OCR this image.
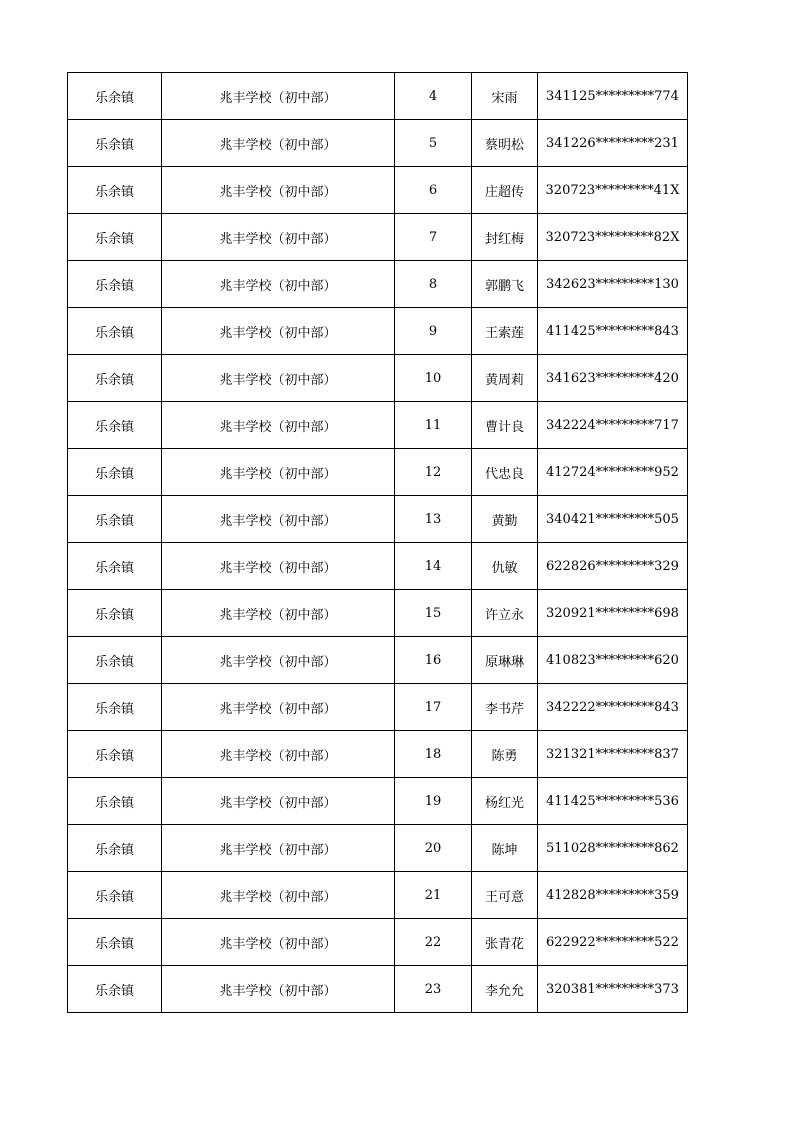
乐余镇	兆丰学校（初中部）	4	宋雨	341125*********774
乐余镇	兆丰学校（初中部）	5	蔡明松	341226*********231
乐余镇	兆丰学校（初中部）	6	庄超传	320723*********41X
乐余镇	兆丰学校（初中部）	7	封红梅	320723*********82X
乐余镇	兆丰学校（初中部）	8	郭鹏飞	342623*********130
乐余镇	兆丰学校（初中部）	9	王索莲	411425*********843
乐余镇	兆丰学校（初中部）	10	黄周莉	341623*********420
乐余镇	兆丰学校（初中部）	11	曹计良	342224*********717
乐余镇	兆丰学校（初中部）	12	代忠良	412724*********952
乐余镇	兆丰学校（初中部）	13	黄勤	340421*********505
乐余镇	兆丰学校（初中部）	14	仇敏	622826*********329
乐余镇	兆丰学校（初中部）	15	许立永	320921*********698
乐余镇	兆丰学校（初中部）	16	原琳琳	410823*********620
乐余镇	兆丰学校（初中部）	17	李书芹	342222*********843
乐余镇	兆丰学校（初中部）	18	陈勇	321321*********837
乐余镇	兆丰学校（初中部）	19	杨红光	411425*********536
乐余镇	兆丰学校（初中部）	20	陈坤	511028*********862
乐余镇	兆丰学校（初中部）	21	王可意	412828*********359
乐余镇	兆丰学校（初中部）	22	张青花	622922*********522
乐余镇	兆丰学校（初中部）	23	李允允	320381*********373
